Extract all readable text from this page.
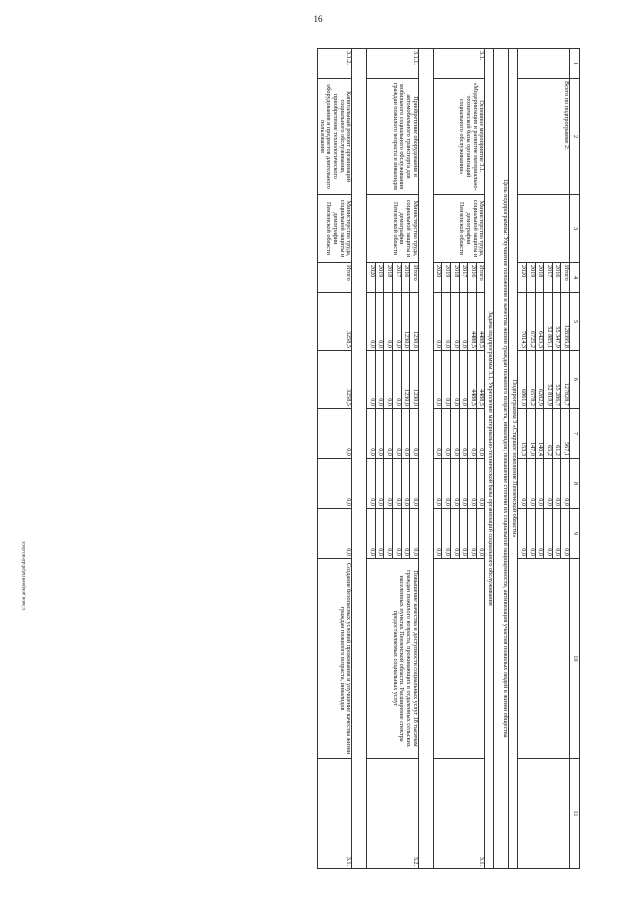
16
c:\мои документы\pd\44-ип.docx
1	2	3	4	5	6	7	8	9	10	11
	Всего по подпрограмме 2:		Итого	128395,8	127828,7	567,1	0,0	0,0		
			2016	55 347,9	55 286,7	61,2	0,0	0,0		
			2017	52 885,1	52 819,9	65,2	0,0	0,0		
			2018	6423,3	6282,9	140,4	0,0	0,0		
			2019	6725,2	6578,2	147,0	0,0	0,0		
			2020	7014,3	6861,0	153,3	0,0	0,0		
Подпрограмма 3 «Старшее поколение Пензенской области»										
Цель подпрограммы: Улучшение положения и качества жизни граждан пожилого возраста, инвалидов; повышение степени их социальной защищенности, активизация участия пожилых людей в жизни общества										
Задача подпрограммы 3.1. Укрепление материально-технической базы организаций социального обслуживания										
3.1.	Основное мероприятие 3.1. «Модернизация и развитие материально-технической базы организаций социального обслуживания»	Министерство труда, социальной защиты и демографии Пензенской области	Итого	4488,5	4488,5	0,0	0,0	0,0		3.1.
			2016	4488,5	4488,5	0,0	0,0	0,0		
			2017	0,0	0,0	0,0	0,0	0,0		
			2018	0,0	0,0	0,0	0,0	0,0		
			2019	0,0	0,0	0,0	0,0	0,0		
			2020	0,0	0,0	0,0	0,0	0,0		

3.1.1.	Приобретение оборудования и автомобильного транспорта для мобильного социального обслуживания граждан пожилого возраста и инвалидов	Министерство труда, социальной защиты и демографии Пензенской области	Итого	1230,0	1230,0	0,0	0,0	0,0	Повышение качества и доступности социальных услуг 18 тысячам граждан пожилого возраста, проживающих в отдаленных сельских населенных пунктах Пензенской области. Расширение спектра предоставляемых социальных услуг	3.2.
			2016	1230,0	1230,0	0,0	0,0	0,0		
			2017	0,0	0,0	0,0	0,0	0,0		
			2018	0,0	0,0	0,0	0,0	0,0		
			2019	0,0	0,0	0,0	0,0	0,0		
			2020	0,0	0,0	0,0	0,0	0,0		

3.1.2.	Капитальный ремонт организаций социального обслуживания, приобретение технологического оборудования и предметов длительного пользования	Министерство труда, социальной защиты и демографии Пензенской области	Итого	3258,5	3258,5	0,0	0,0	0,0	Создание безопасных условий проживания и улучшение качества жизни граждан пожилого возраста, инвалидов	3.1.
